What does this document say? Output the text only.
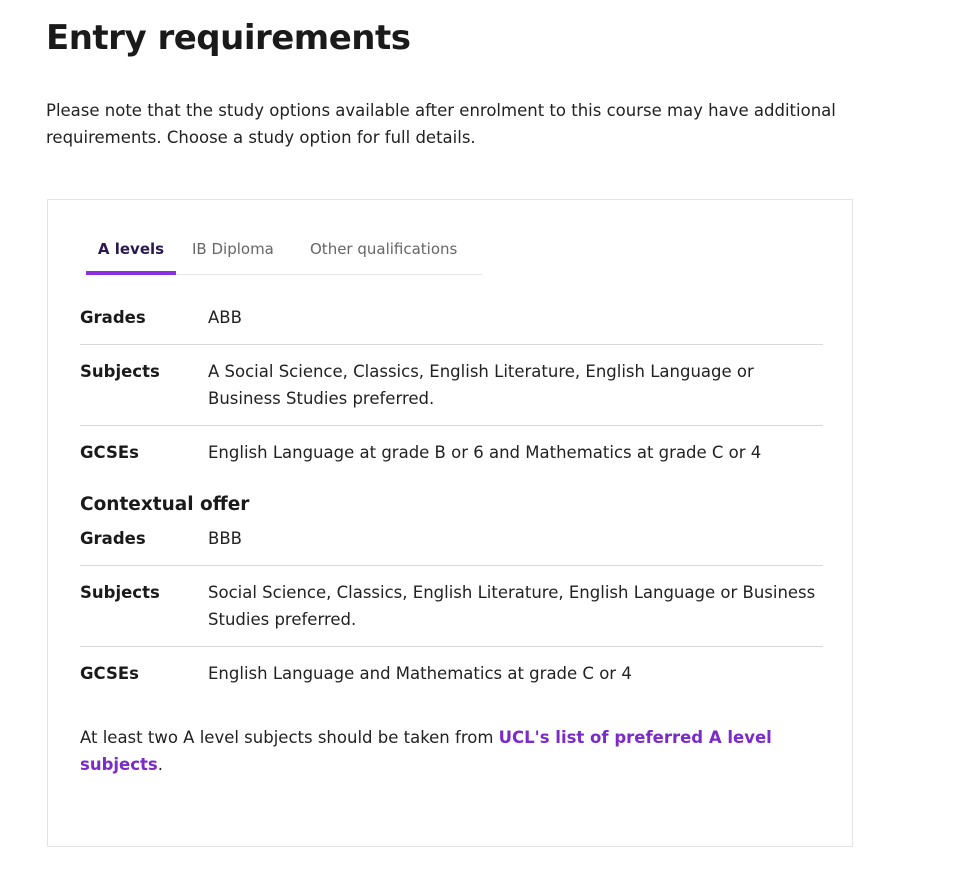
Entry requirements

Please note that the study options available after enrolment to this course may have additional requirements. Choose a study option for full details.

A levels	IB Diploma	Other qualifications
Grades	ABB
Subjects	A Social Science, Classics, English Literature, English Language or Business Studies preferred.
GCSEs	English Language at grade B or 6 and Mathematics at grade C or 4
Contextual offer
Grades	BBB
Subjects	Social Science, Classics, English Literature, English Language or Business Studies preferred.
GCSEs	English Language and Mathematics at grade C or 4

At least two A level subjects should be taken from UCL's list of preferred A level subjects.
